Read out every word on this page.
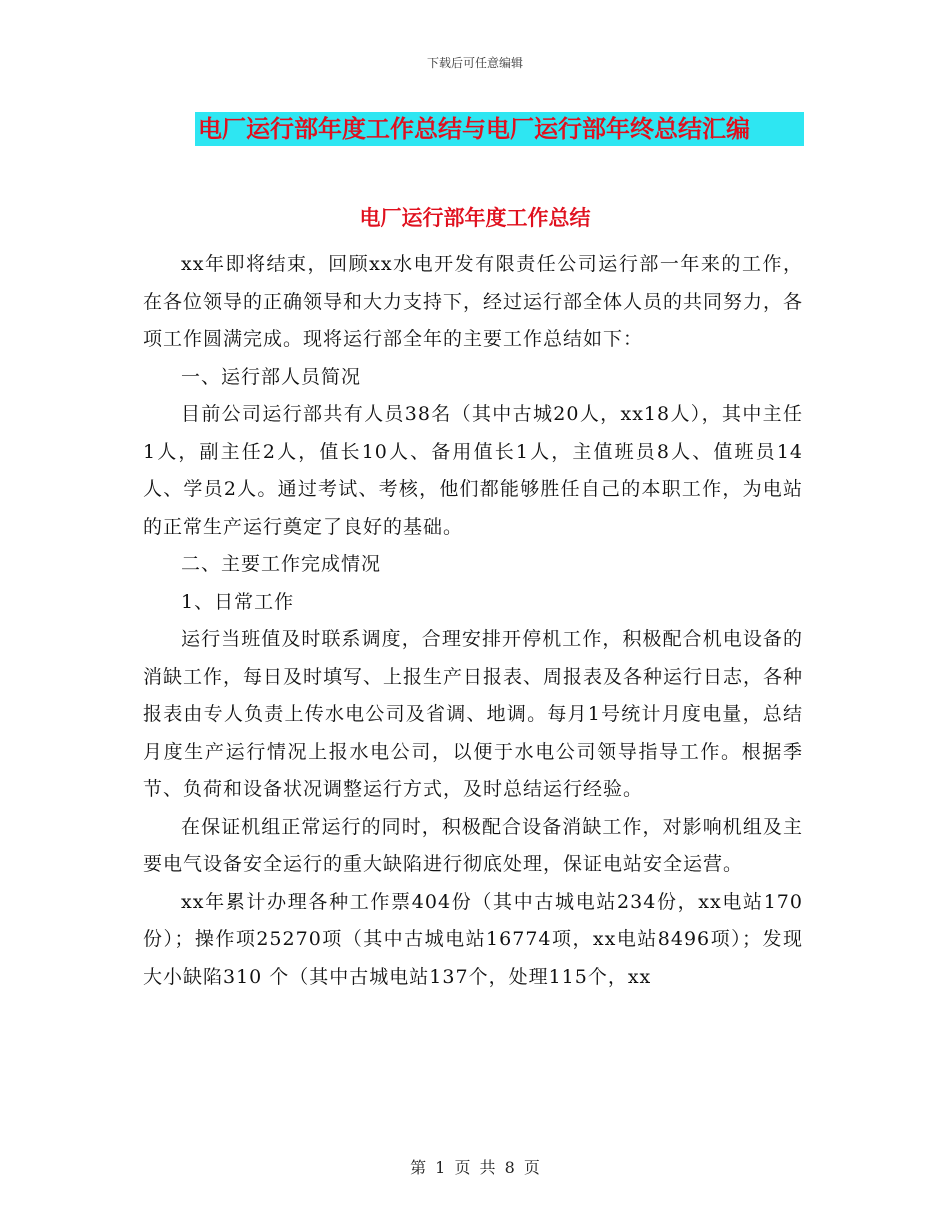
下载后可任意编辑
电厂运行部年度工作总结与电厂运行部年终总结汇编
电厂运行部年度工作总结

xx年即将结束，回顾xx水电开发有限责任公司运行部一年来的工作，在各位领导的正确领导和大力支持下，经过运行部全体人员的共同努力，各项工作圆满完成。现将运行部全年的主要工作总结如下：

一、运行部人员简况

目前公司运行部共有人员38名（其中古城20人，xx18人），其中主任1人，副主任2人，值长10人、备用值长1人，主值班员8人、值班员14人、学员2人。通过考试、考核，他们都能够胜任自己的本职工作，为电站的正常生产运行奠定了良好的基础。

二、主要工作完成情况

1、日常工作

运行当班值及时联系调度，合理安排开停机工作，积极配合机电设备的消缺工作，每日及时填写、上报生产日报表、周报表及各种运行日志，各种报表由专人负责上传水电公司及省调、地调。每月1号统计月度电量，总结月度生产运行情况上报水电公司，以便于水电公司领导指导工作。根据季节、负荷和设备状况调整运行方式，及时总结运行经验。

在保证机组正常运行的同时，积极配合设备消缺工作，对影响机组及主要电气设备安全运行的重大缺陷进行彻底处理，保证电站安全运营。

xx年累计办理各种工作票404份（其中古城电站234份，xx电站170份）；操作项25270项（其中古城电站16774项，xx电站8496项）；发现大小缺陷310 个（其中古城电站137个，处理115个，xx

第 1 页 共 8 页
